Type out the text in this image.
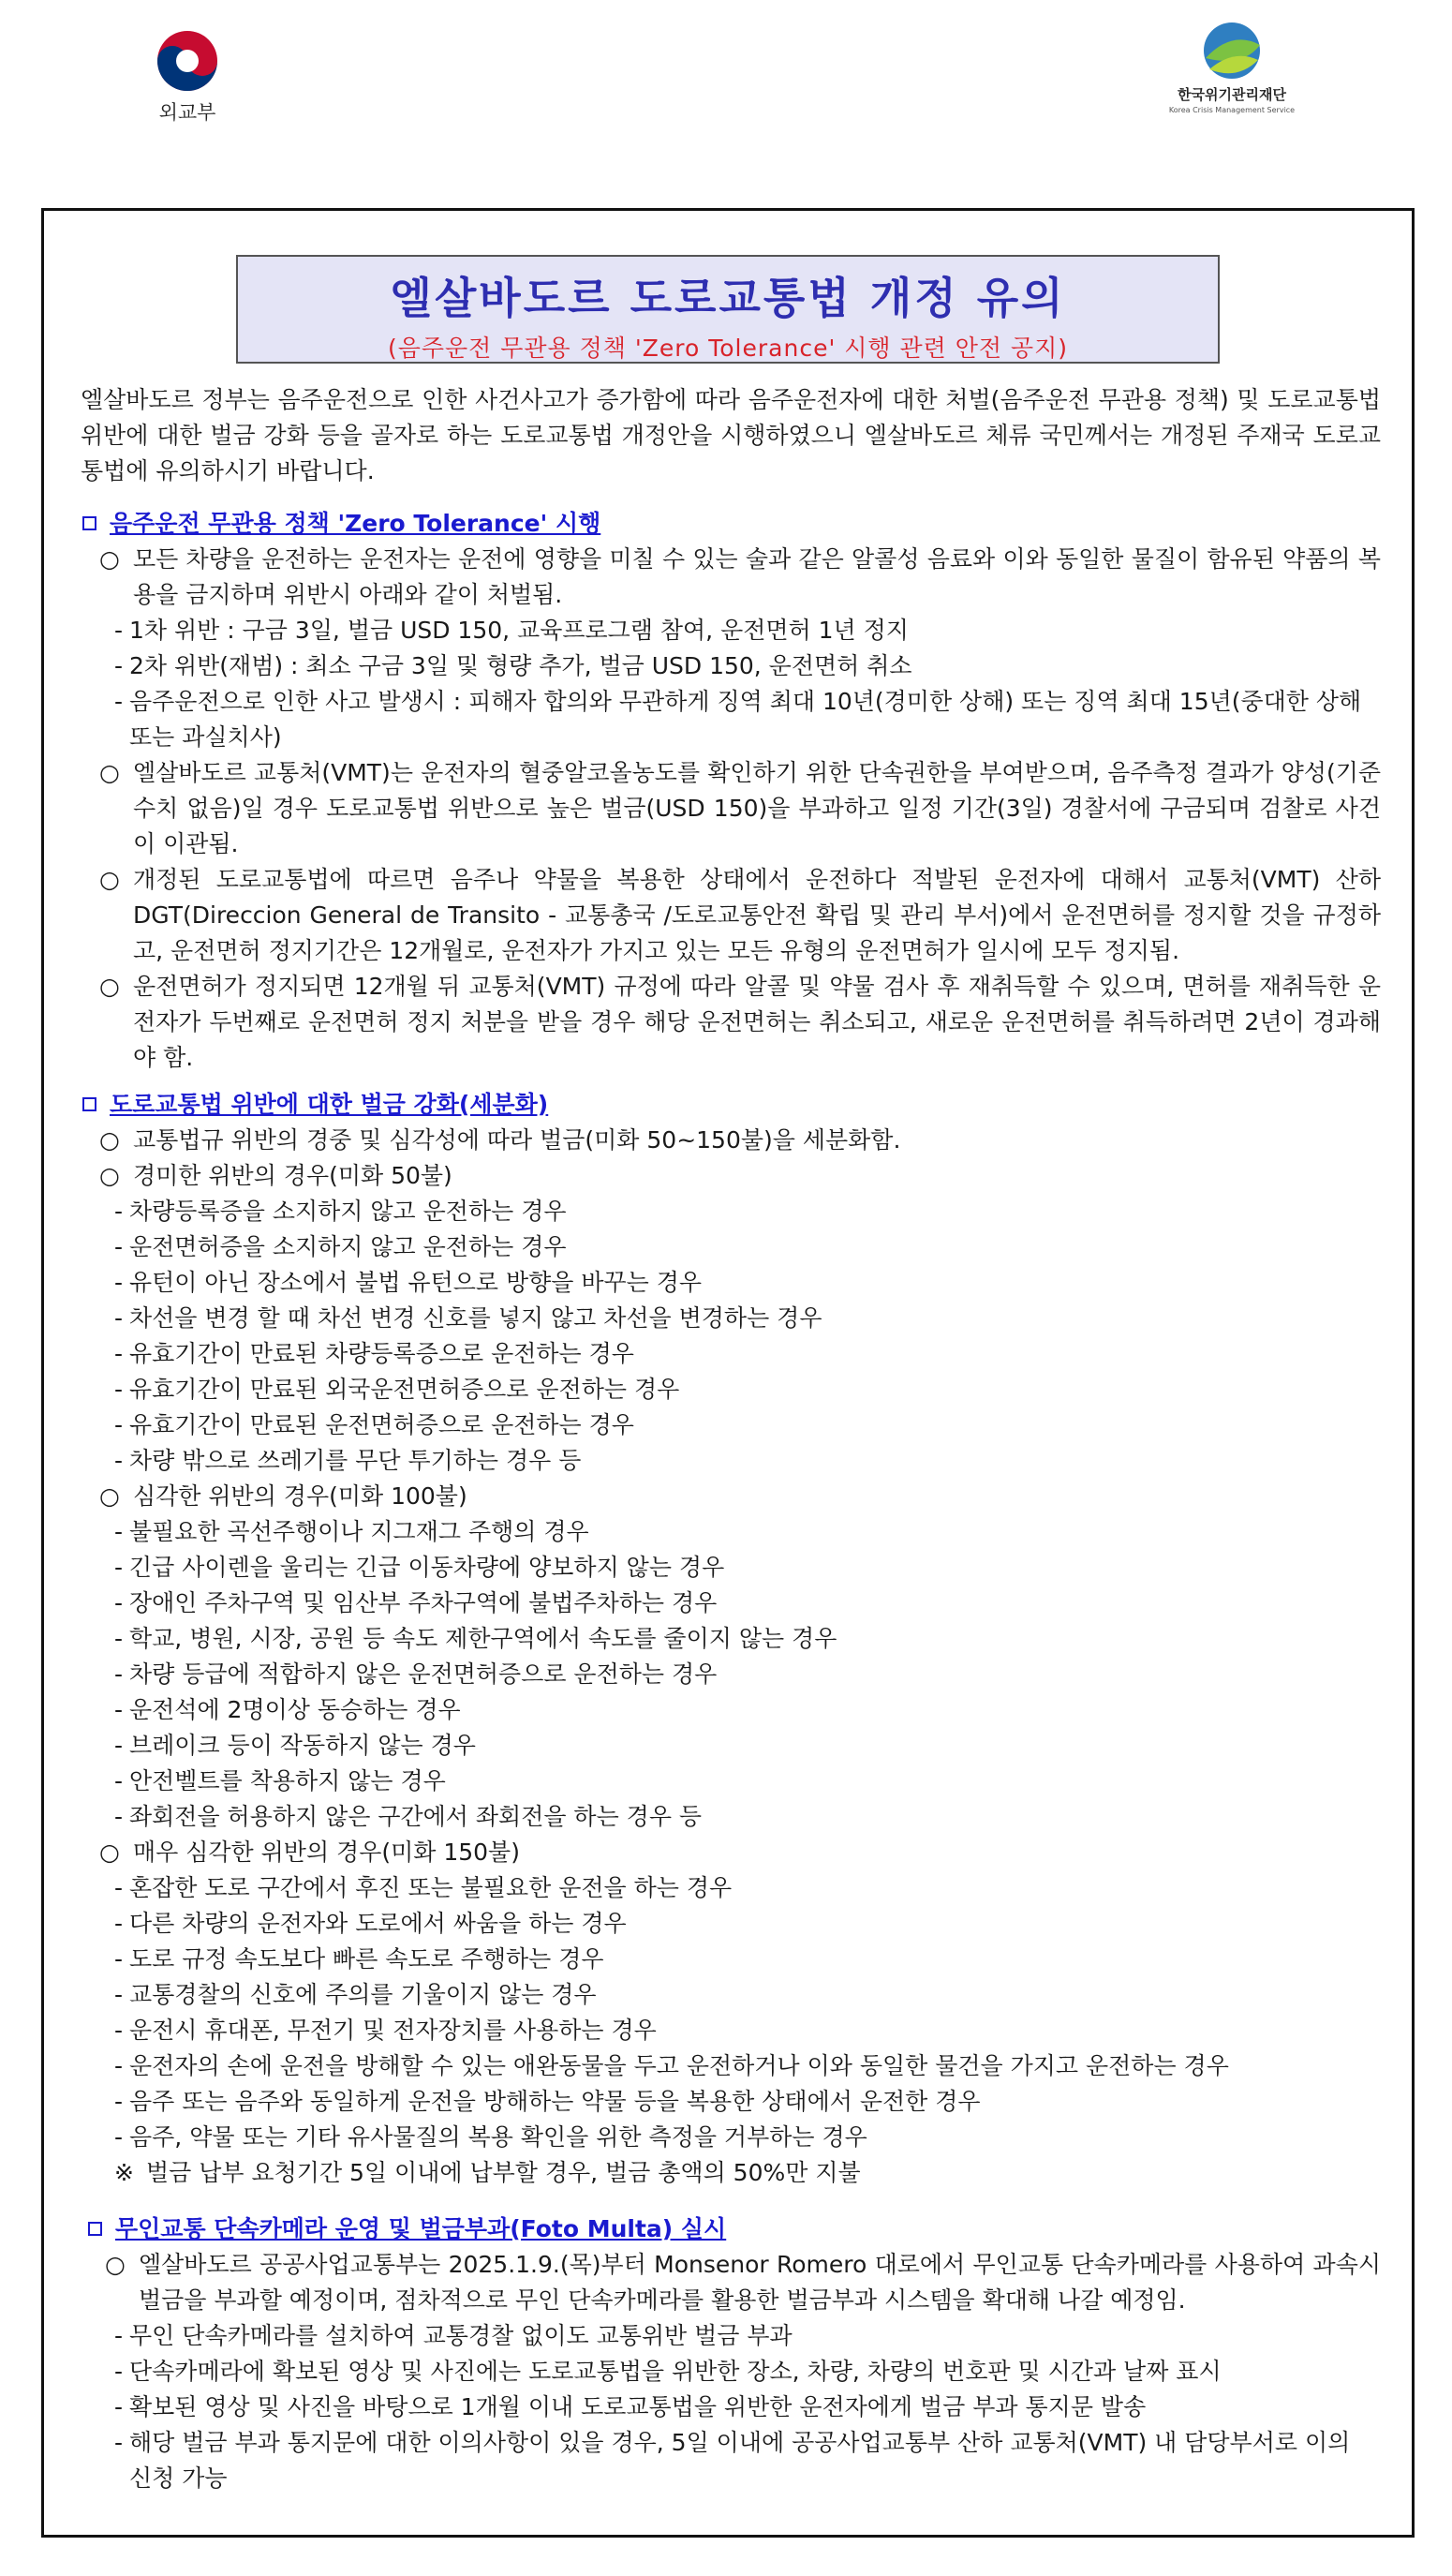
외교부
한국위기관리재단
Korea Crisis Management Service
엘살바도르 도로교통법 개정 유의
(음주운전 무관용 정책 'Zero Tolerance' 시행 관련 안전 공지)
엘살바도르 정부는 음주운전으로 인한 사건사고가 증가함에 따라 음주운전자에 대한 처벌(음주운전 무관용 정책) 및 도로교통법 위반에 대한 벌금 강화 등을 골자로 하는 도로교통법 개정안을 시행하였으니 엘살바도르 체류 국민께서는 개정된 주재국 도로교통법에 유의하시기 바랍니다.
음주운전 무관용 정책 'Zero Tolerance' 시행
○ 모든 차량을 운전하는 운전자는 운전에 영향을 미칠 수 있는 술과 같은 알콜성 음료와 이와 동일한 물질이 함유된 약품의 복용을 금지하며 위반시 아래와 같이 처벌됨.
- 1차 위반 : 구금 3일, 벌금 USD 150, 교육프로그램 참여, 운전면허 1년 정지
- 2차 위반(재범) : 최소 구금 3일 및 형량 추가, 벌금 USD 150, 운전면허 취소
- 음주운전으로 인한 사고 발생시 : 피해자 합의와 무관하게 징역 최대 10년(경미한 상해) 또는 징역 최대 15년(중대한 상해 또는 과실치사)
○ 엘살바도르 교통처(VMT)는 운전자의 혈중알코올농도를 확인하기 위한 단속권한을 부여받으며, 음주측정 결과가 양성(기준수치 없음)일 경우 도로교통법 위반으로 높은 벌금(USD 150)을 부과하고 일정 기간(3일) 경찰서에 구금되며 검찰로 사건이 이관됨.
○ 개정된 도로교통법에 따르면 음주나 약물을 복용한 상태에서 운전하다 적발된 운전자에 대해서 교통처(VMT) 산하 DGT(Direccion General de Transito - 교통총국 /도로교통안전 확립 및 관리 부서)에서 운전면허를 정지할 것을 규정하고, 운전면허 정지기간은 12개월로, 운전자가 가지고 있는 모든 유형의 운전면허가 일시에 모두 정지됨.
○ 운전면허가 정지되면 12개월 뒤 교통처(VMT) 규정에 따라 알콜 및 약물 검사 후 재취득할 수 있으며, 면허를 재취득한 운전자가 두번째로 운전면허 정지 처분을 받을 경우 해당 운전면허는 취소되고, 새로운 운전면허를 취득하려면 2년이 경과해야 함.
도로교통법 위반에 대한 벌금 강화(세분화)
○ 교통법규 위반의 경중 및 심각성에 따라 벌금(미화 50~150불)을 세분화함.
○ 경미한 위반의 경우(미화 50불)
- 차량등록증을 소지하지 않고 운전하는 경우
- 운전면허증을 소지하지 않고 운전하는 경우
- 유턴이 아닌 장소에서 불법 유턴으로 방향을 바꾸는 경우
- 차선을 변경 할 때 차선 변경 신호를 넣지 않고 차선을 변경하는 경우
- 유효기간이 만료된 차량등록증으로 운전하는 경우
- 유효기간이 만료된 외국운전면허증으로 운전하는 경우
- 유효기간이 만료된 운전면허증으로 운전하는 경우
- 차량 밖으로 쓰레기를 무단 투기하는 경우 등
○ 심각한 위반의 경우(미화 100불)
- 불필요한 곡선주행이나 지그재그 주행의 경우
- 긴급 사이렌을 울리는 긴급 이동차량에 양보하지 않는 경우
- 장애인 주차구역 및 임산부 주차구역에 불법주차하는 경우
- 학교, 병원, 시장, 공원 등 속도 제한구역에서 속도를 줄이지 않는 경우
- 차량 등급에 적합하지 않은 운전면허증으로 운전하는 경우
- 운전석에 2명이상 동승하는 경우
- 브레이크 등이 작동하지 않는 경우
- 안전벨트를 착용하지 않는 경우
- 좌회전을 허용하지 않은 구간에서 좌회전을 하는 경우 등
○ 매우 심각한 위반의 경우(미화 150불)
- 혼잡한 도로 구간에서 후진 또는 불필요한 운전을 하는 경우
- 다른 차량의 운전자와 도로에서 싸움을 하는 경우
- 도로 규정 속도보다 빠른 속도로 주행하는 경우
- 교통경찰의 신호에 주의를 기울이지 않는 경우
- 운전시 휴대폰, 무전기 및 전자장치를 사용하는 경우
- 운전자의 손에 운전을 방해할 수 있는 애완동물을 두고 운전하거나 이와 동일한 물건을 가지고 운전하는 경우
- 음주 또는 음주와 동일하게 운전을 방해하는 약물 등을 복용한 상태에서 운전한 경우
- 음주, 약물 또는 기타 유사물질의 복용 확인을 위한 측정을 거부하는 경우
※ 벌금 납부 요청기간 5일 이내에 납부할 경우, 벌금 총액의 50%만 지불
무인교통 단속카메라 운영 및 벌금부과(Foto Multa) 실시
○ 엘살바도르 공공사업교통부는 2025.1.9.(목)부터 Monsenor Romero 대로에서 무인교통 단속카메라를 사용하여 과속시 벌금을 부과할 예정이며, 점차적으로 무인 단속카메라를 활용한 벌금부과 시스템을 확대해 나갈 예정임.
- 무인 단속카메라를 설치하여 교통경찰 없이도 교통위반 벌금 부과
- 단속카메라에 확보된 영상 및 사진에는 도로교통법을 위반한 장소, 차량, 차량의 번호판 및 시간과 날짜 표시
- 확보된 영상 및 사진을 바탕으로 1개월 이내 도로교통법을 위반한 운전자에게 벌금 부과 통지문 발송
- 해당 벌금 부과 통지문에 대한 이의사항이 있을 경우, 5일 이내에 공공사업교통부 산하 교통처(VMT) 내 담당부서로 이의 신청 가능
